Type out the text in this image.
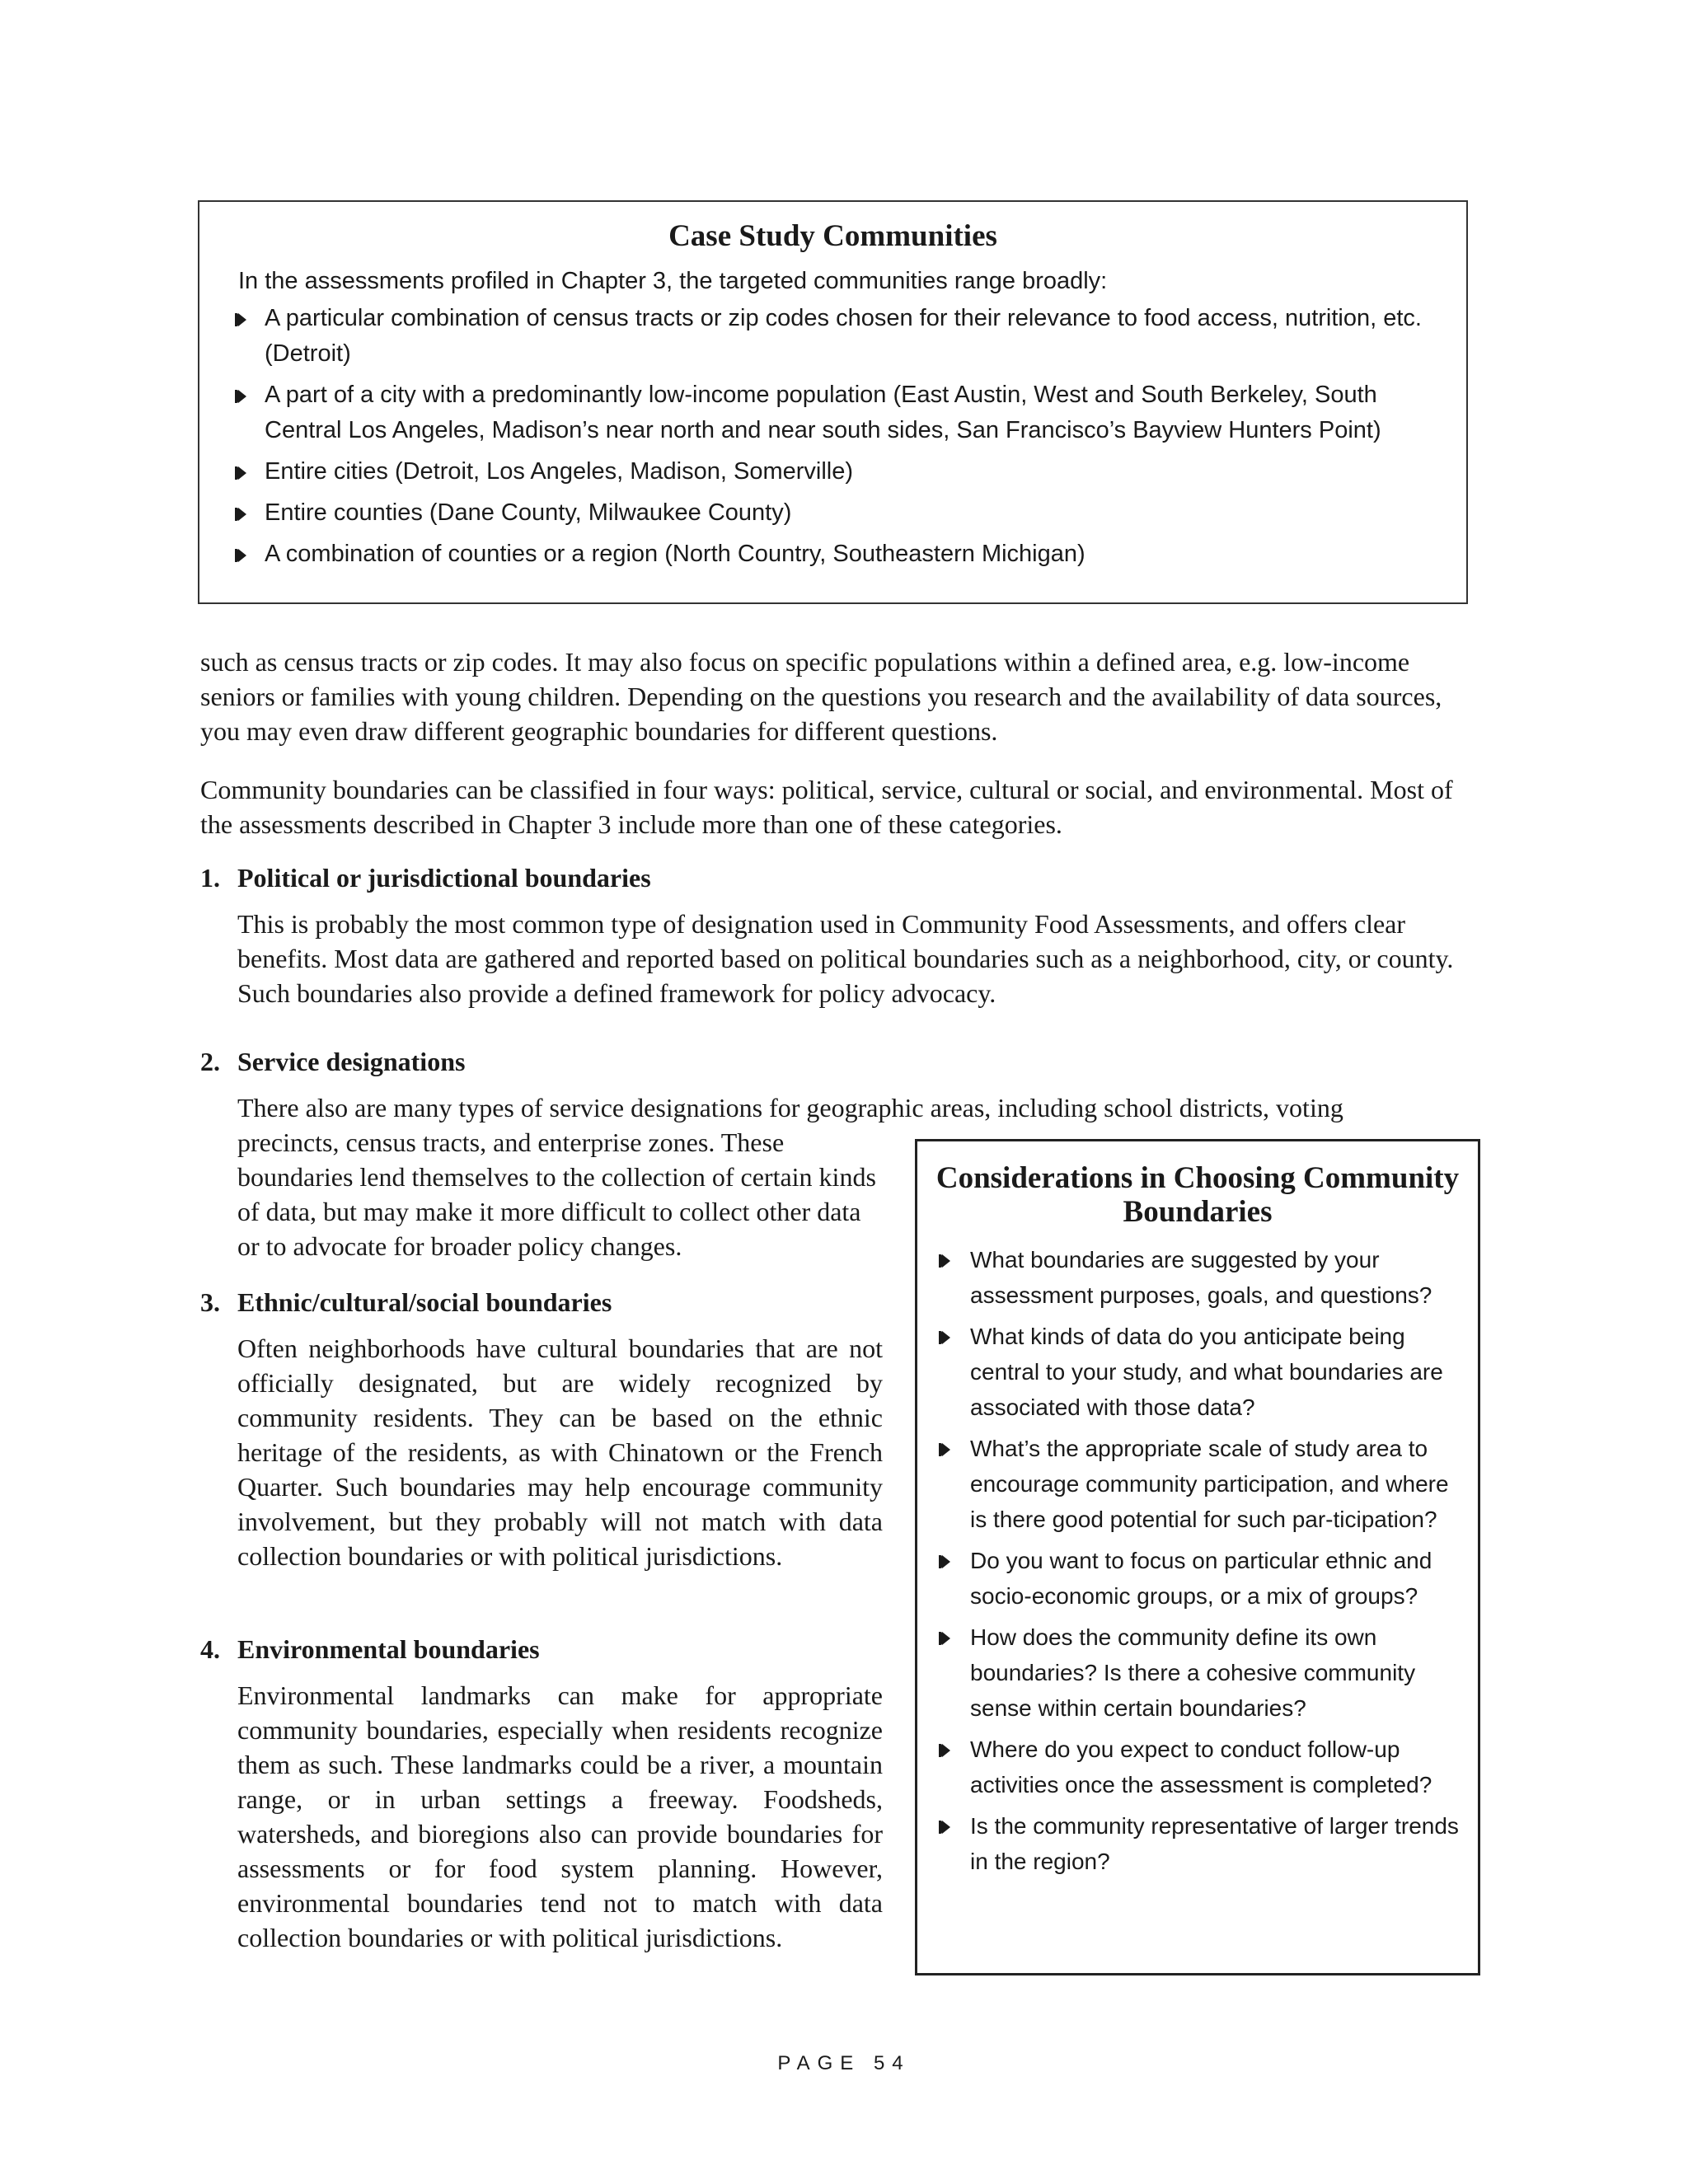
Case Study Communities

In the assessments profiled in Chapter 3, the targeted communities range broadly:

A particular combination of census tracts or zip codes chosen for their relevance to food access, nutrition, etc. (Detroit)
A part of a city with a predominantly low-income population (East Austin, West and South Berkeley, South Central Los Angeles, Madison’s near north and near south sides, San Francisco’s Bayview Hunters Point)
Entire cities (Detroit, Los Angeles, Madison, Somerville)
Entire counties (Dane County, Milwaukee County)
A combination of counties or a region (North Country, Southeastern Michigan)

such as census tracts or zip codes. It may also focus on specific populations within a defined area, e.g. low-income seniors or families with young children. Depending on the questions you research and the availability of data sources, you may even draw different geographic boundaries for different questions.

Community boundaries can be classified in four ways: political, service, cultural or social, and environmental. Most of the assessments described in Chapter 3 include more than one of these categories.

1. Political or jurisdictional boundaries

This is probably the most common type of designation used in Community Food Assessments, and offers clear benefits. Most data are gathered and reported based on political boundaries such as a neighborhood, city, or county. Such boundaries also provide a defined framework for policy advocacy.

2. Service designations

There also are many types of service designations for geographic areas, including school districts, voting

precincts, census tracts, and enterprise zones. These boundaries lend themselves to the collection of certain kinds of data, but may make it more difficult to collect other data or to advocate for broader policy changes.

3. Ethnic/cultural/social boundaries

Often neighborhoods have cultural boundaries that are not officially designated, but are widely recognized by community residents. They can be based on the ethnic heritage of the residents, as with Chinatown or the French Quarter. Such boundaries may help encourage community involvement, but they probably will not match with data collection boundaries or with political jurisdictions.

4. Environmental boundaries

Environmental landmarks can make for appropriate community boundaries, especially when residents recognize them as such. These landmarks could be a river, a mountain range, or in urban settings a freeway. Foodsheds, watersheds, and bioregions also can provide boundaries for assessments or for food system planning. However, environmental boundaries tend not to match with data collection boundaries or with political jurisdictions.

Considerations in Choosing Community Boundaries
What boundaries are suggested by your assessment purposes, goals, and questions?
What kinds of data do you anticipate being central to your study, and what boundaries are associated with those data?
What’s the appropriate scale of study area to encourage community participation, and where is there good potential for such par-ticipation?
Do you want to focus on particular ethnic and socio-economic groups, or a mix of groups?
How does the community define its own boundaries? Is there a cohesive community sense within certain boundaries?
Where do you expect to conduct follow-up activities once the assessment is completed?
Is the community representative of larger trends in the region?
PAGE 54
